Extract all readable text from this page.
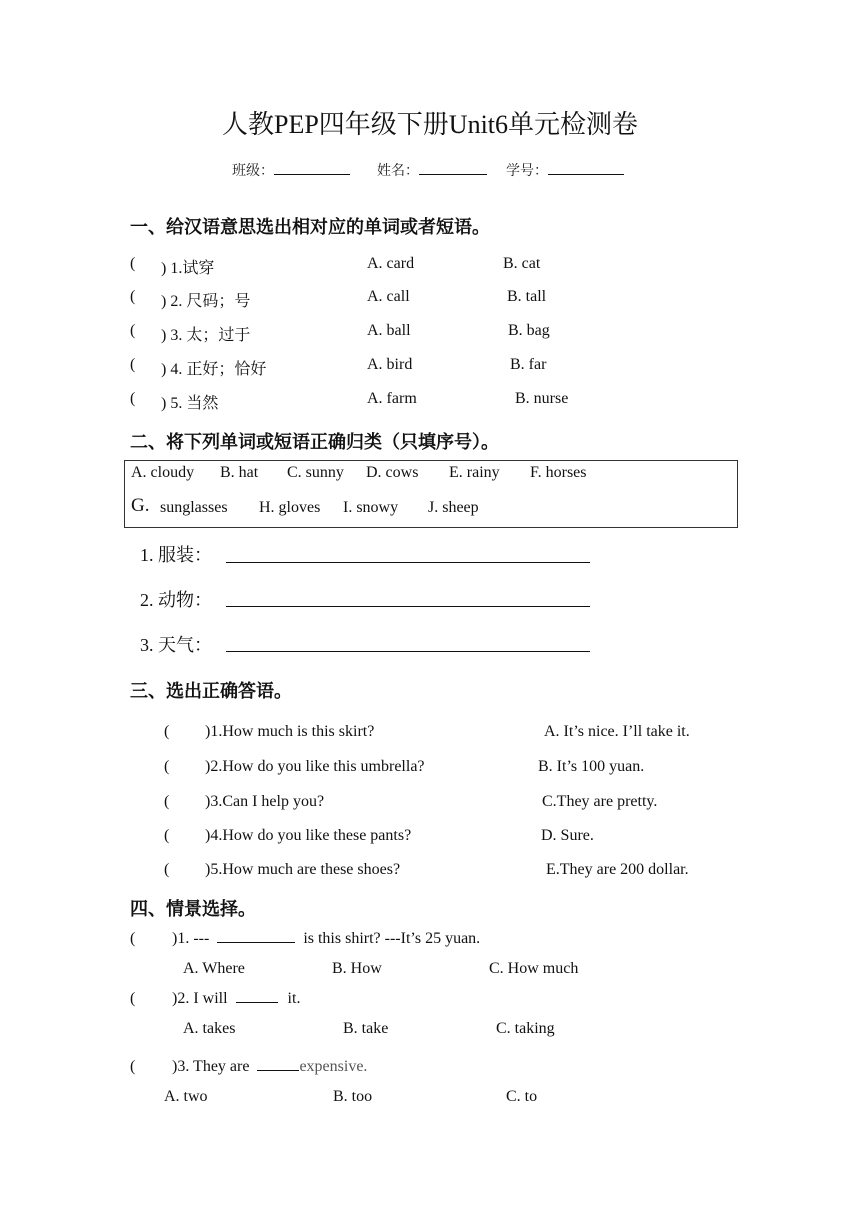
人教PEP四年级下册Unit6单元检测卷
班级：	姓名：	学号：
一、给汉语意思选出相对应的单词或者短语。
( ) 1.试穿	A. card	B. cat
( ) 2. 尺码；号	A. call	B. tall
( ) 3. 太；过于	A. ball	B. bag
( ) 4. 正好；恰好	A. bird	B. far
( ) 5. 当然	A. farm	B. nurse
二、将下列单词或短语正确归类（只填序号）。
A. cloudy B. hat C. sunny D. cows E. rainy F. horses
G. sunglasses H. gloves I. snowy J. sheep
1. 服装：
2. 动物：
3. 天气：
三、选出正确答语。
( )1.How much is this skirt?	A. It’s nice. I’ll take it.
( )2.How do you like this umbrella?	B. It’s 100 yuan.
( )3.Can I help you?	C.They are pretty.
( )4.How do you like these pants?	D. Sure.
( )5.How much are these shoes?	E.They are 200 dollar.
四、情景选择。
( )1. ---	is this shirt? ---It’s 25 yuan.
A. Where	B. How	C. How much
( )2. I will	it.
A. takes	B. take	C. taking
( )3. They are	expensive.
A. two	B. too	C. to
